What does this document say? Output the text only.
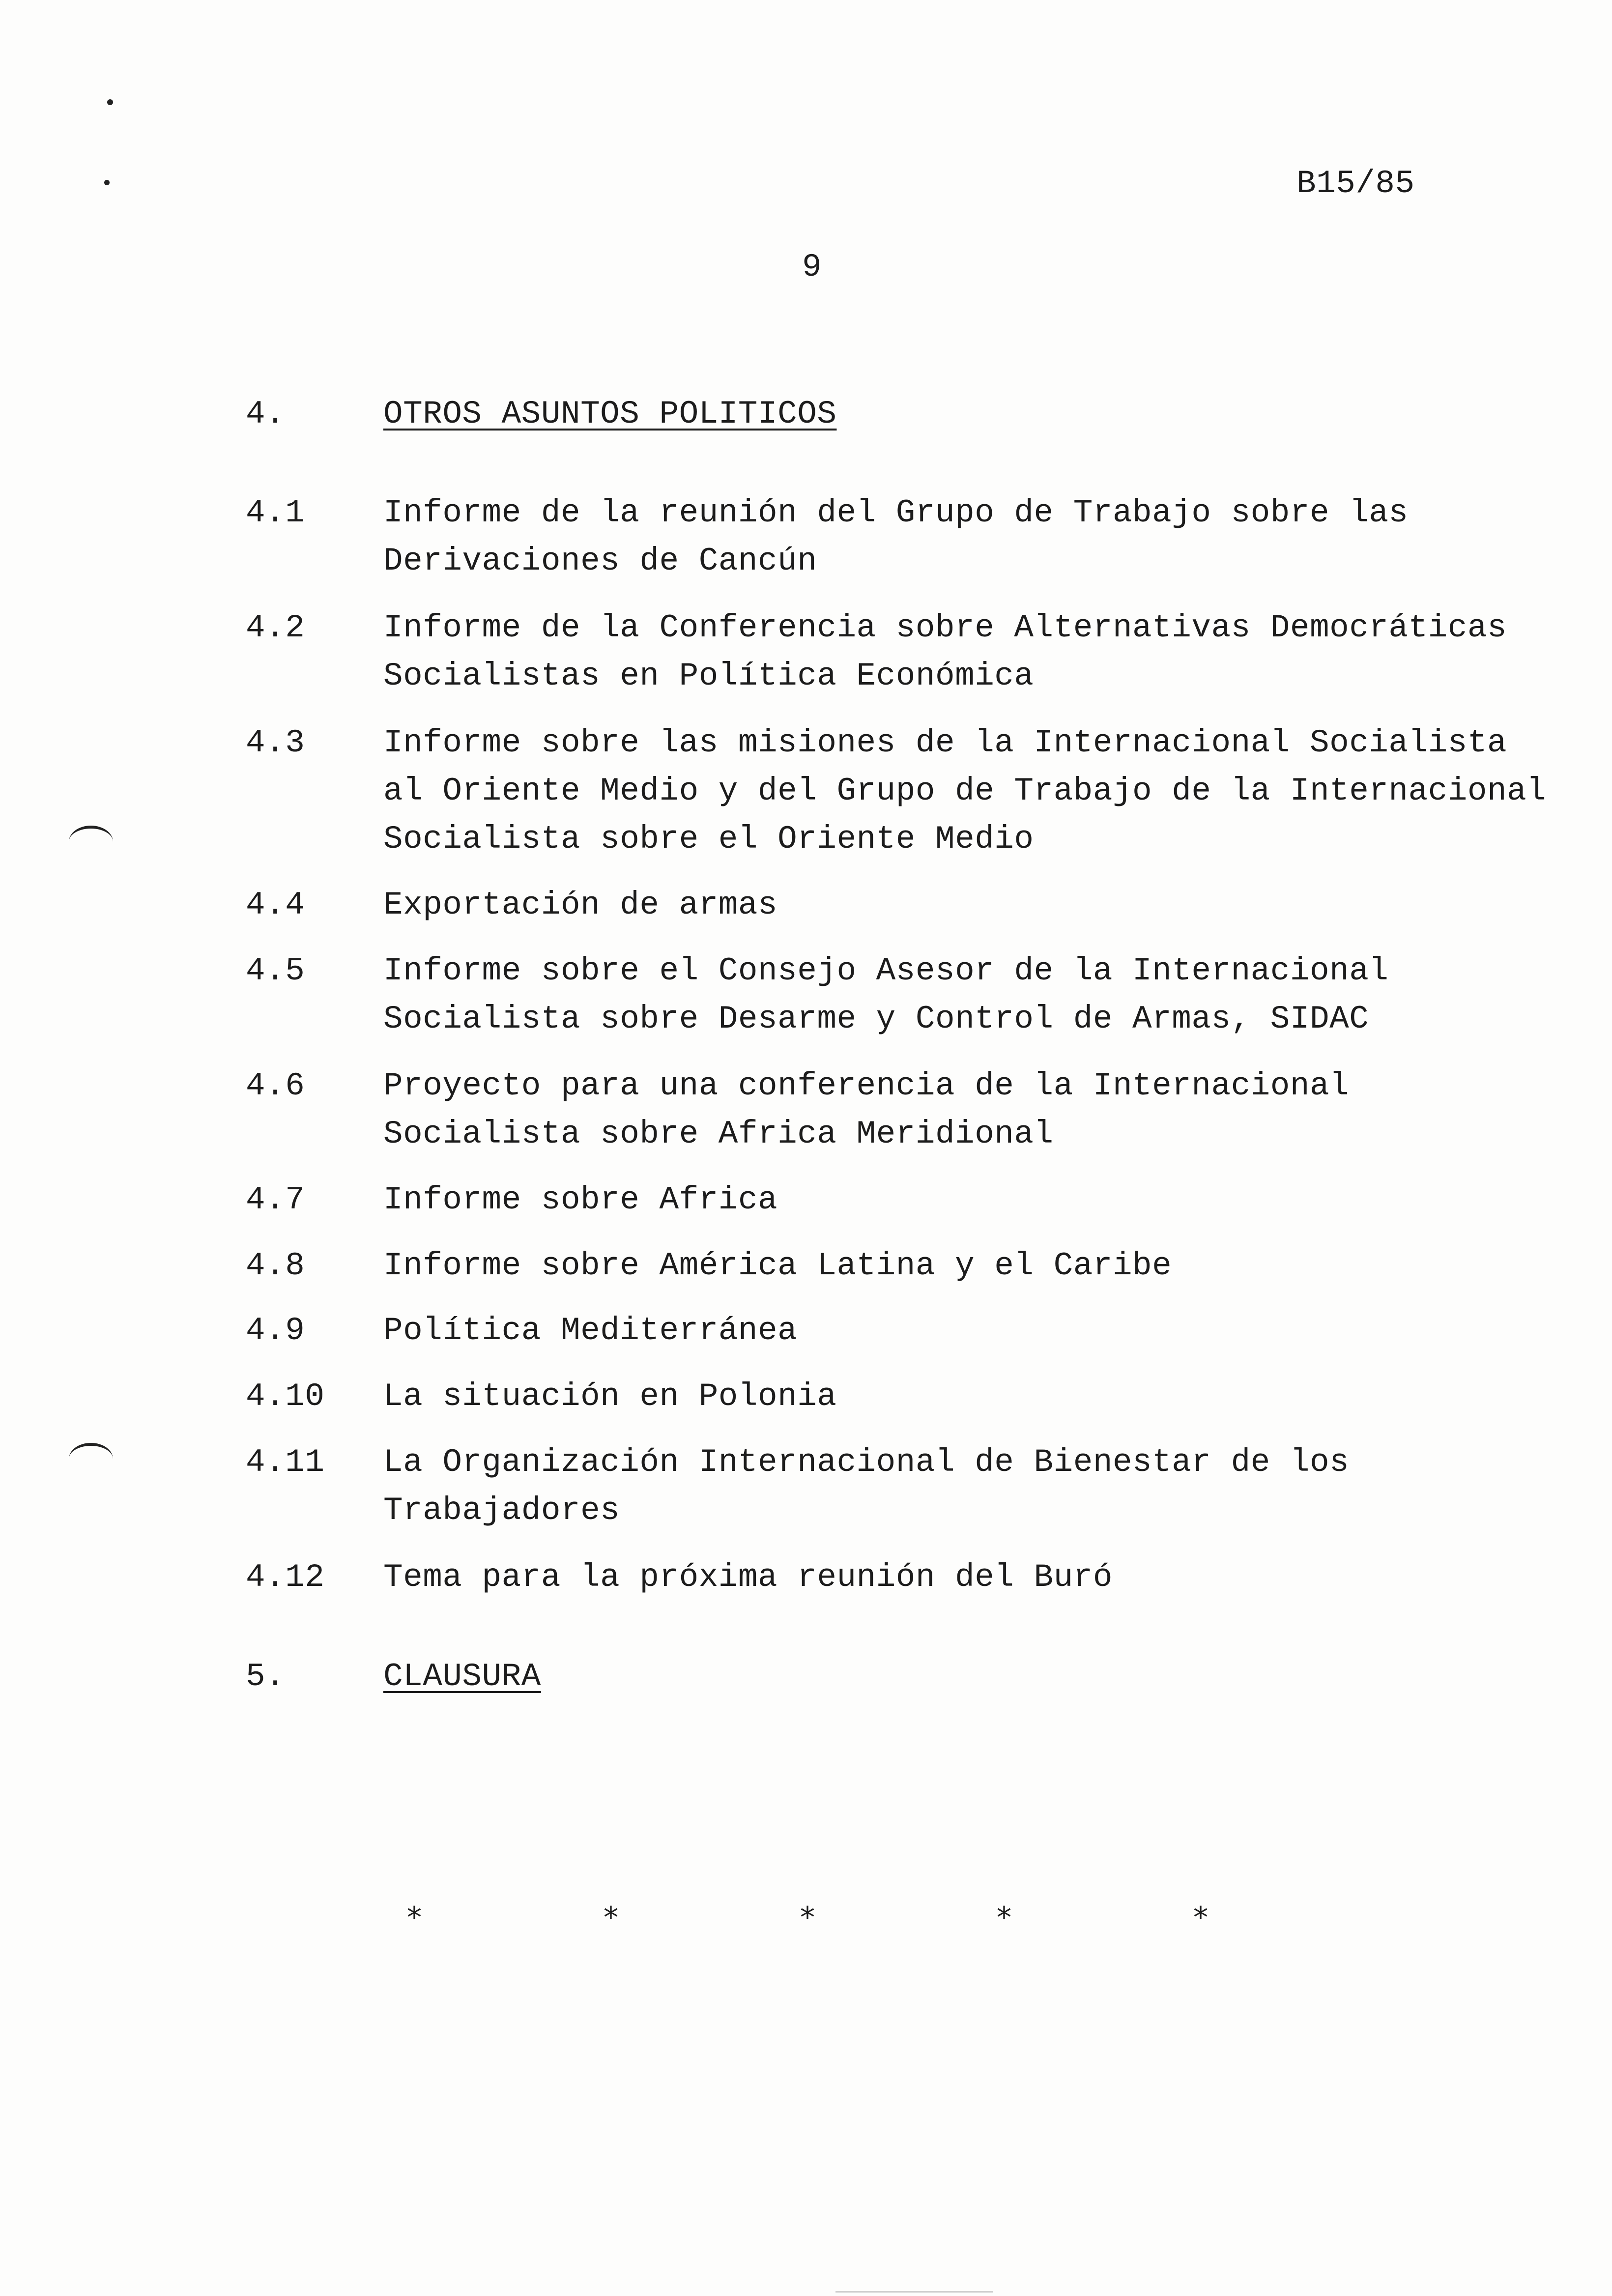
B15/85
9
4.	OTROS ASUNTOS POLITICOS
4.1 Informe de la reunión del Grupo de Trabajo sobre las
Derivaciones de Cancún
4.2 Informe de la Conferencia sobre Alternativas Democráticas
Socialistas en Política Económica
4.3 Informe sobre las misiones de la Internacional Socialista
al Oriente Medio y del Grupo de Trabajo de la Internacional
Socialista sobre el Oriente Medio
4.4 Exportación de armas
4.5 Informe sobre el Consejo Asesor de la Internacional
Socialista sobre Desarme y Control de Armas, SIDAC
4.6 Proyecto para una conferencia de la Internacional
Socialista sobre Africa Meridional
4.7 Informe sobre Africa
4.8 Informe sobre América Latina y el Caribe
4.9 Política Mediterránea
4.10 La situación en Polonia
4.11 La Organización Internacional de Bienestar de los
Trabajadores
4.12 Tema para la próxima reunión del Buró
5.	CLAUSURA
*	*	*	*	*
